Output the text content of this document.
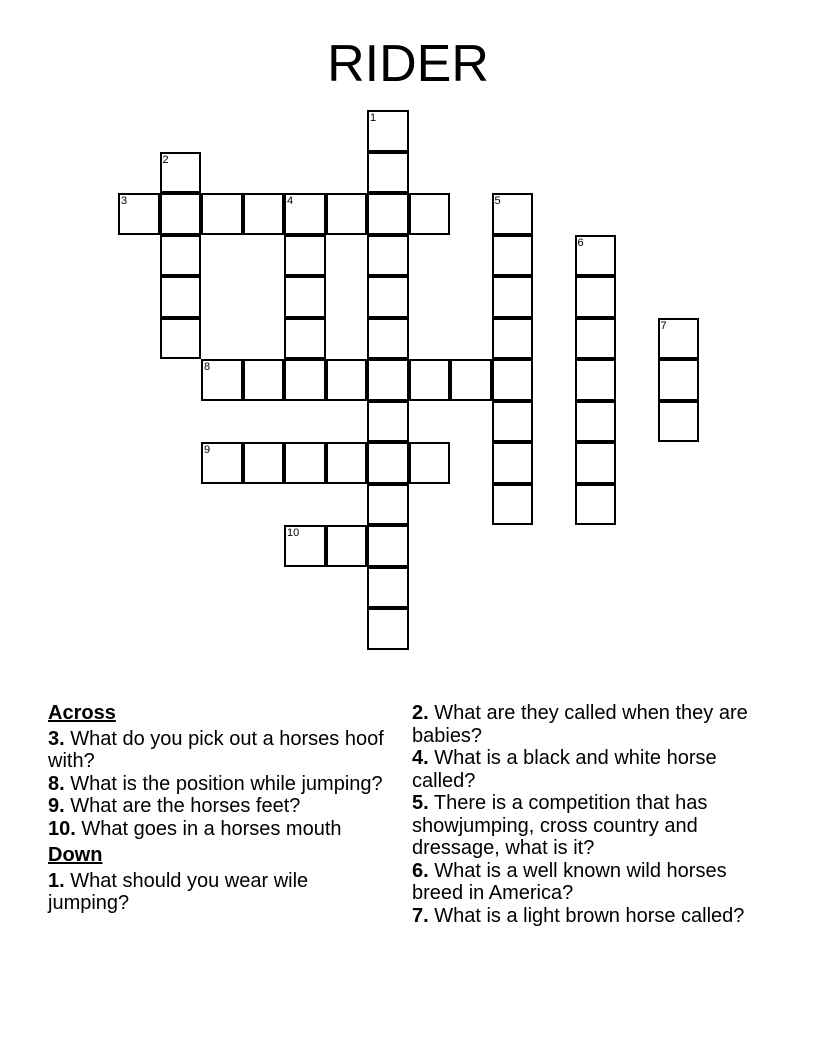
RIDER
1
2
3	4	5
6
7
8
9
10
Across
3. What do you pick out a horses hoof with?
8. What is the position while jumping?
9. What are the horses feet?
10. What goes in a horses mouth
Down
1. What should you wear wile jumping?
2. What are they called when they are babies?
4. What is a black and white horse called?
5. There is a competition that has showjumping, cross country and dressage, what is it?
6. What is a well known wild horses breed in America?
7. What is a light brown horse called?
